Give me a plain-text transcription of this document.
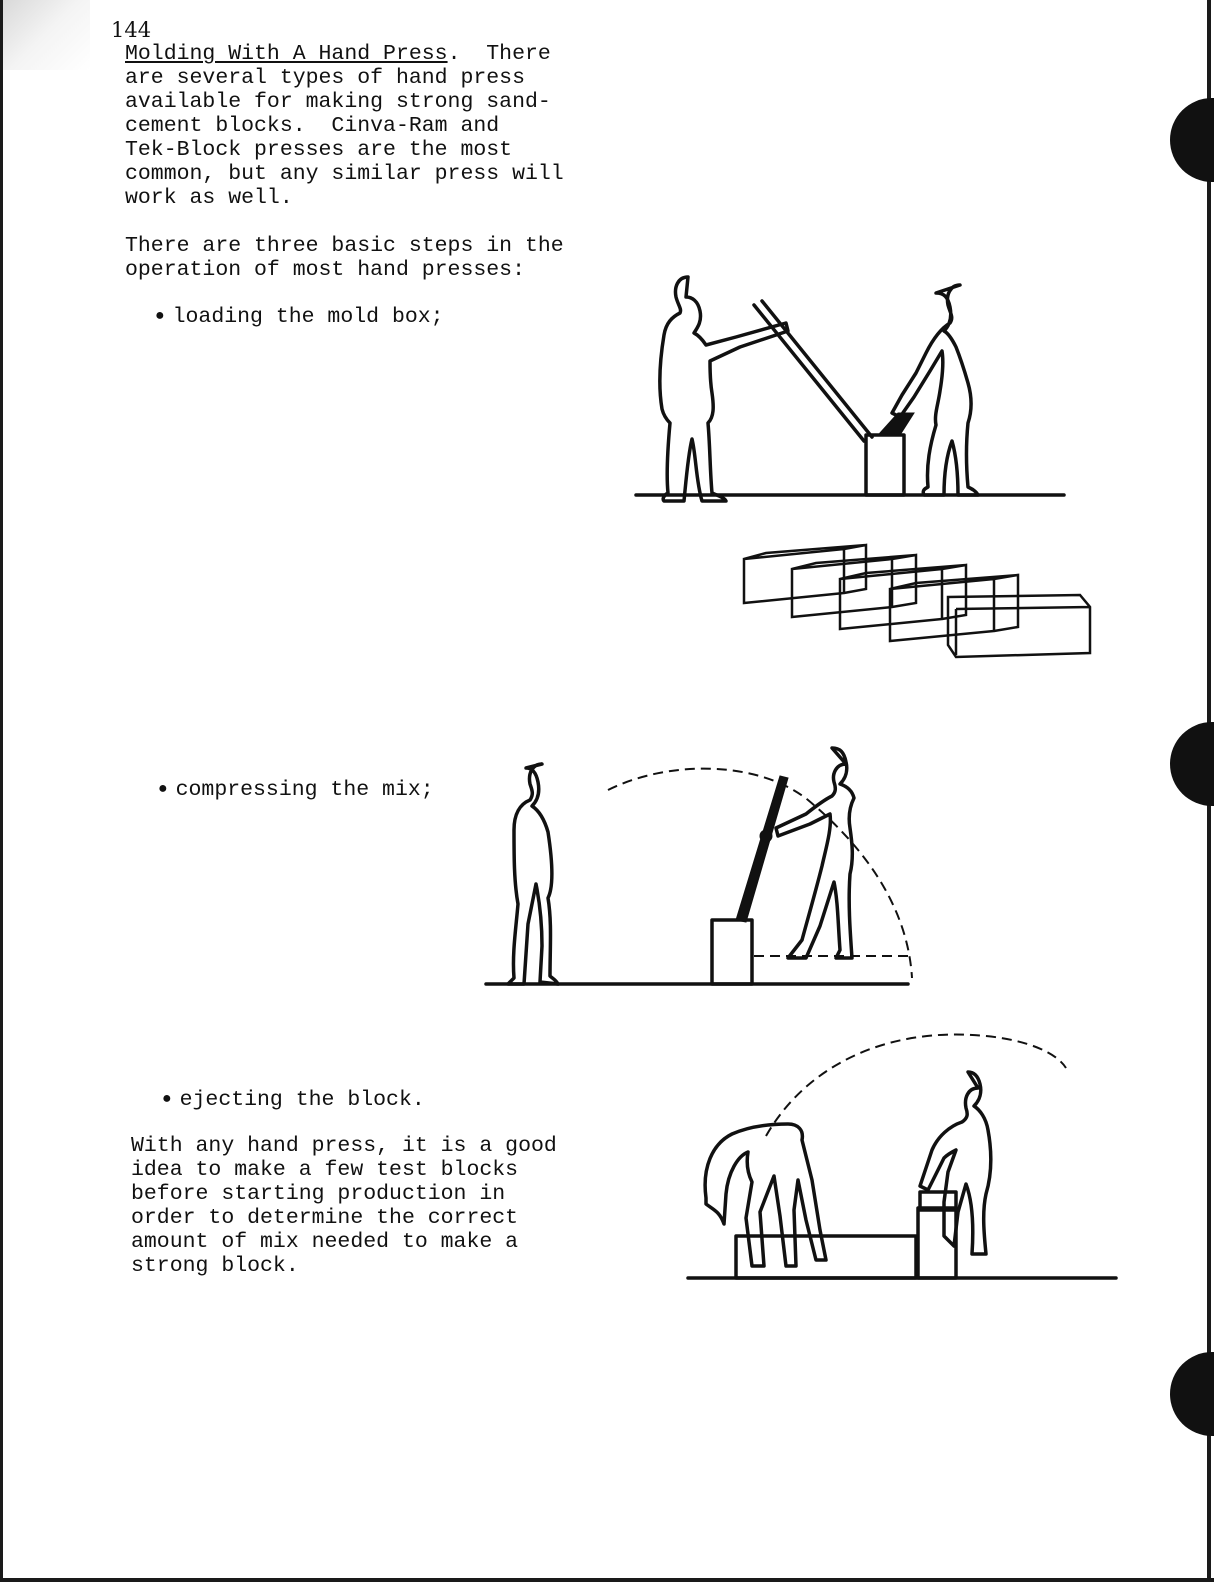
144
Molding With A Hand Press.  There
are several types of hand press
available for making strong sand-
cement blocks.  Cinva-Ram and
Tek-Block presses are the most
common, but any similar press will
work as well.
There are three basic steps in the
operation of most hand presses:
● loading the mold box;
● compressing the mix;
● ejecting the block.
With any hand press, it is a good
idea to make a few test blocks
before starting production in
order to determine the correct
amount of mix needed to make a
strong block.
